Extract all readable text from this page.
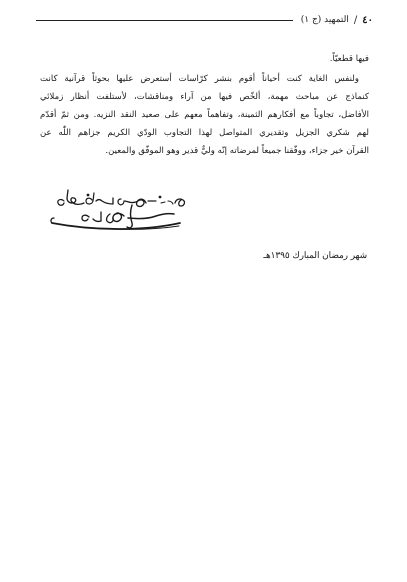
٤٠
/
التمهيد (ج ١)

فيها قطعيّاً.

ولنفس الغاية كنت أحياناً أقوم بنشر كرّاسات أستعرض عليها بحوثاً قرآنية كانت
كنماذج عن مباحث مهمة، ألخّص فيها من آراء ومناقشات، لأستلفت أنظار زملائي
الأفاضل، تجاوباً مع أفكارهم الثمينة، وتفاهماً معهم على صعيد النقد النزيه. ومن ثمّ أقدّم
لهم شكري الجزيل وتقديري المتواصل لهذا التجاوب الودّي الكريم جزاهم اللّٰه عن
القرآن خير جزاء، ووفّقنا جميعاً لمرضاته إنّه وليٌّ قدير وهو الموفّق والمعين.

شهر رمضان المبارك ١٣٩٥هـ
